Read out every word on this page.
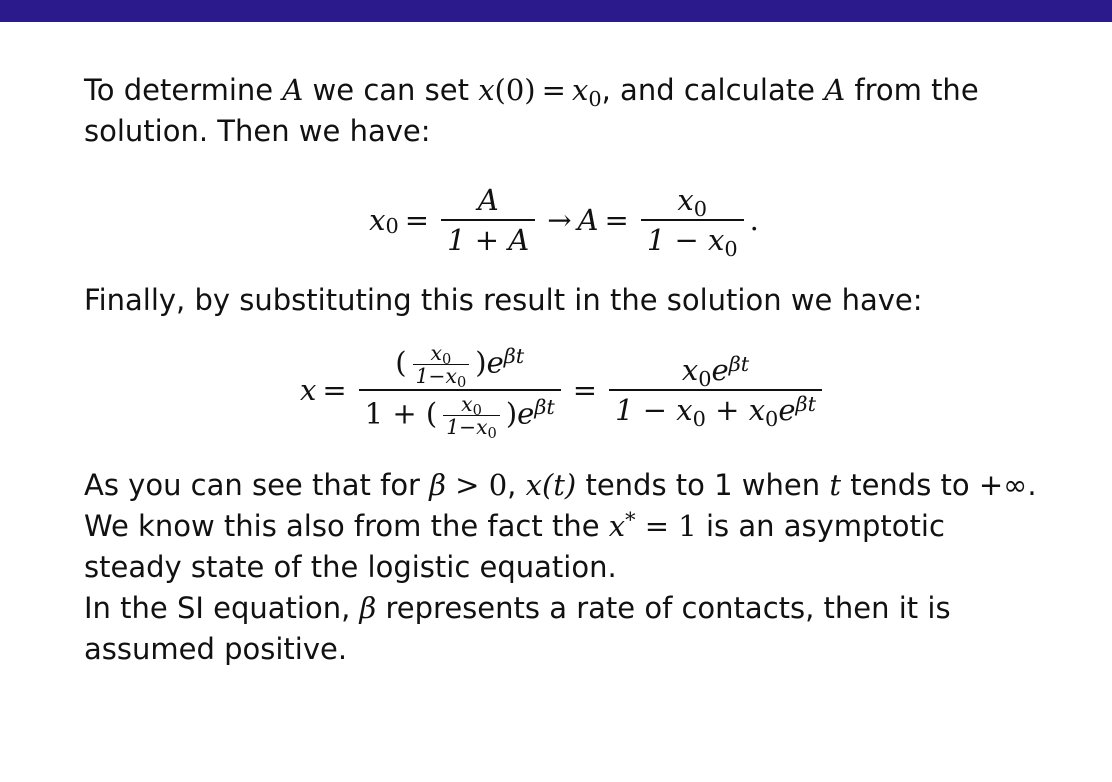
To determine A we can set $x(0) = x_0$, and calculate A from the solution. Then we have:

x $0 = \frac{A}{1 + A} \to A = \frac{x_0}{1 - x_0}$ .

Finally, by substituting this result in the solution we have:

$x = \frac{( \frac{x_0}{1-x_0} )e^{\beta t}}{1 + ( \frac{x_0}{1-x_0} )e^{\beta t}} = \frac{x_0e^{\beta t}}{1 - x_0 + x_0e^{\beta t}}$

As you can see that for β > 0, x(t) tends to 1 when t tends to +∞. We know this also from the fact the x* = 1 is an asymptotic steady state of the logistic equation.

In the SI equation, β represents a rate of contacts, then it is assumed positive.
